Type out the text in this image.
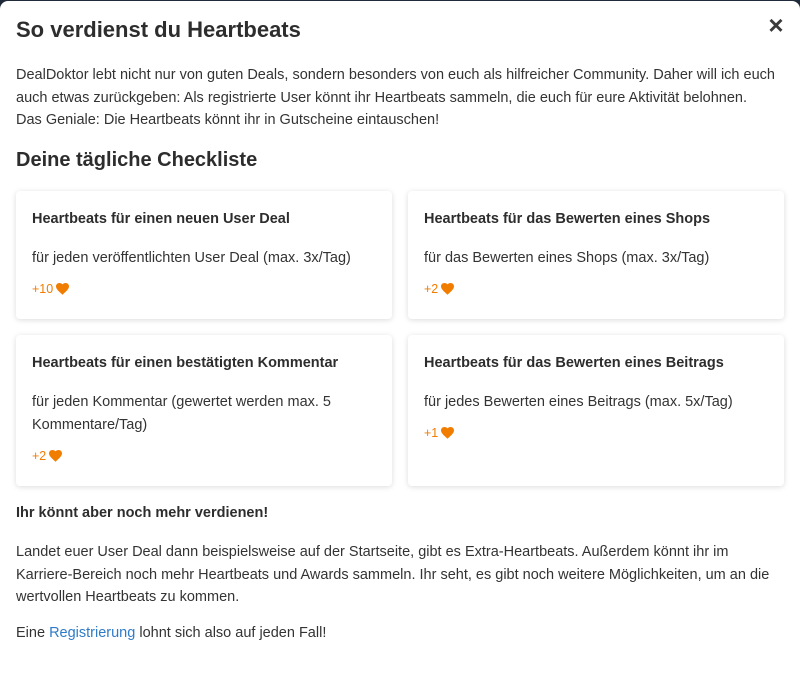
×
So verdienst du Heartbeats

DealDoktor lebt nicht nur von guten Deals, sondern besonders von euch als hilfreicher Community. Daher will ich euch auch etwas zurückgeben: Als registrierte User könnt ihr Heartbeats sammeln, die euch für eure Aktivität belohnen. Das Geniale: Die Heartbeats könnt ihr in Gutscheine eintauschen!

Deine tägliche Checkliste

Heartbeats für einen neuen User Deal

für jeden veröffentlichten User Deal (max. 3x/Tag)

+10

Heartbeats für das Bewerten eines Shops

für das Bewerten eines Shops (max. 3x/Tag)

+2

Heartbeats für einen bestätigten Kommentar

für jeden Kommentar (gewertet werden max. 5 Kommentare/Tag)

+2

Heartbeats für das Bewerten eines Beitrags

für jedes Bewerten eines Beitrags (max. 5x/Tag)

+1

Ihr könnt aber noch mehr verdienen!

Landet euer User Deal dann beispielsweise auf der Startseite, gibt es Extra-Heartbeats. Außerdem könnt ihr im Karriere-Bereich noch mehr Heartbeats und Awards sammeln. Ihr seht, es gibt noch weitere Möglichkeiten, um an die wertvollen Heartbeats zu kommen.

Eine Registrierung lohnt sich also auf jeden Fall!
